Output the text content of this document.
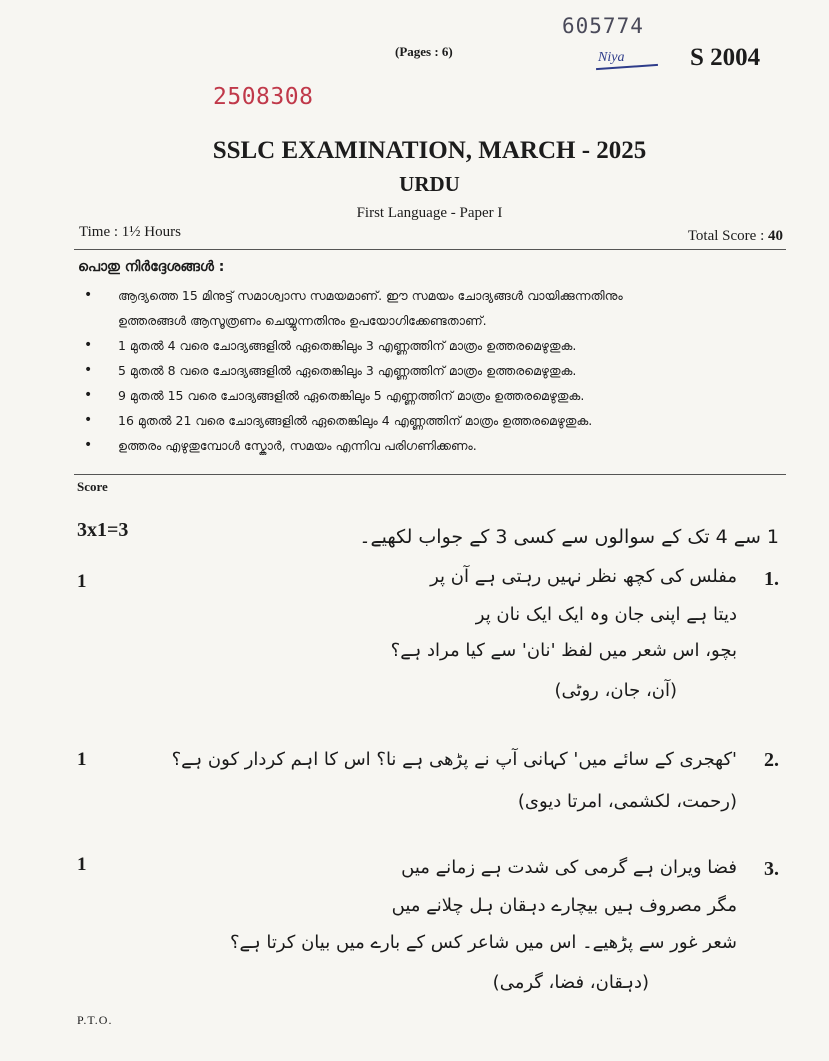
(Pages : 6)
605774
Niya	S 2004
2508308
SSLC EXAMINATION, MARCH - 2025
URDU
First Language - Paper I
Time : 1½ Hours	Total Score : 40
പൊതു നിർദ്ദേശങ്ങൾ :
• ആദ്യത്തെ 15 മിനുട്ട് സമാശ്വാസ സമയമാണ്. ഈ സമയം ചോദ്യങ്ങൾ വായിക്കുന്നതിനും
ഉത്തരങ്ങൾ ആസൂത്രണം ചെയ്യുന്നതിനും ഉപയോഗിക്കേണ്ടതാണ്.
• 1 മുതൽ 4 വരെ ചോദ്യങ്ങളിൽ ഏതെങ്കിലും 3 എണ്ണത്തിന് മാത്രം ഉത്തരമെഴുതുക.
• 5 മുതൽ 8 വരെ ചോദ്യങ്ങളിൽ ഏതെങ്കിലും 3 എണ്ണത്തിന് മാത്രം ഉത്തരമെഴുതുക.
• 9 മുതൽ 15 വരെ ചോദ്യങ്ങളിൽ ഏതെങ്കിലും 5 എണ്ണത്തിന് മാത്രം ഉത്തരമെഴുതുക.
• 16 മുതൽ 21 വരെ ചോദ്യങ്ങളിൽ ഏതെങ്കിലും 4 എണ്ണത്തിന് മാത്രം ഉത്തരമെഴുതുക.
• ഉത്തരം എഴുതുമ്പോൾ സ്കോർ, സമയം എന്നിവ പരിഗണിക്കണം.
Score
3x1=3	1 سے 4 تک کے سوالوں سے کسی 3 کے جواب لکھیے۔
1	1.
مفلس کی کچھ نظر نہیں رہتی ہے آن پر
دیتا ہے اپنی جان وہ ایک ایک نان پر
بچو، اس شعر میں لفظ 'نان' سے کیا مراد ہے؟
(آن، جان، روٹی)
1	2.
'کھجری کے سائے میں' کہانی آپ نے پڑھی ہے نا؟ اس کا اہم کردار کون ہے؟
(رحمت، لکشمی، امرتا دیوی)
1	3.
فضا ویران ہے گرمی کی شدت ہے زمانے میں
مگر مصروف ہیں بیچارے دہقان ہل چلانے میں
شعر غور سے پڑھیے۔ اس میں شاعر کس کے بارے میں بیان کرتا ہے؟
(دہقان، فضا، گرمی)
P.T.O.
